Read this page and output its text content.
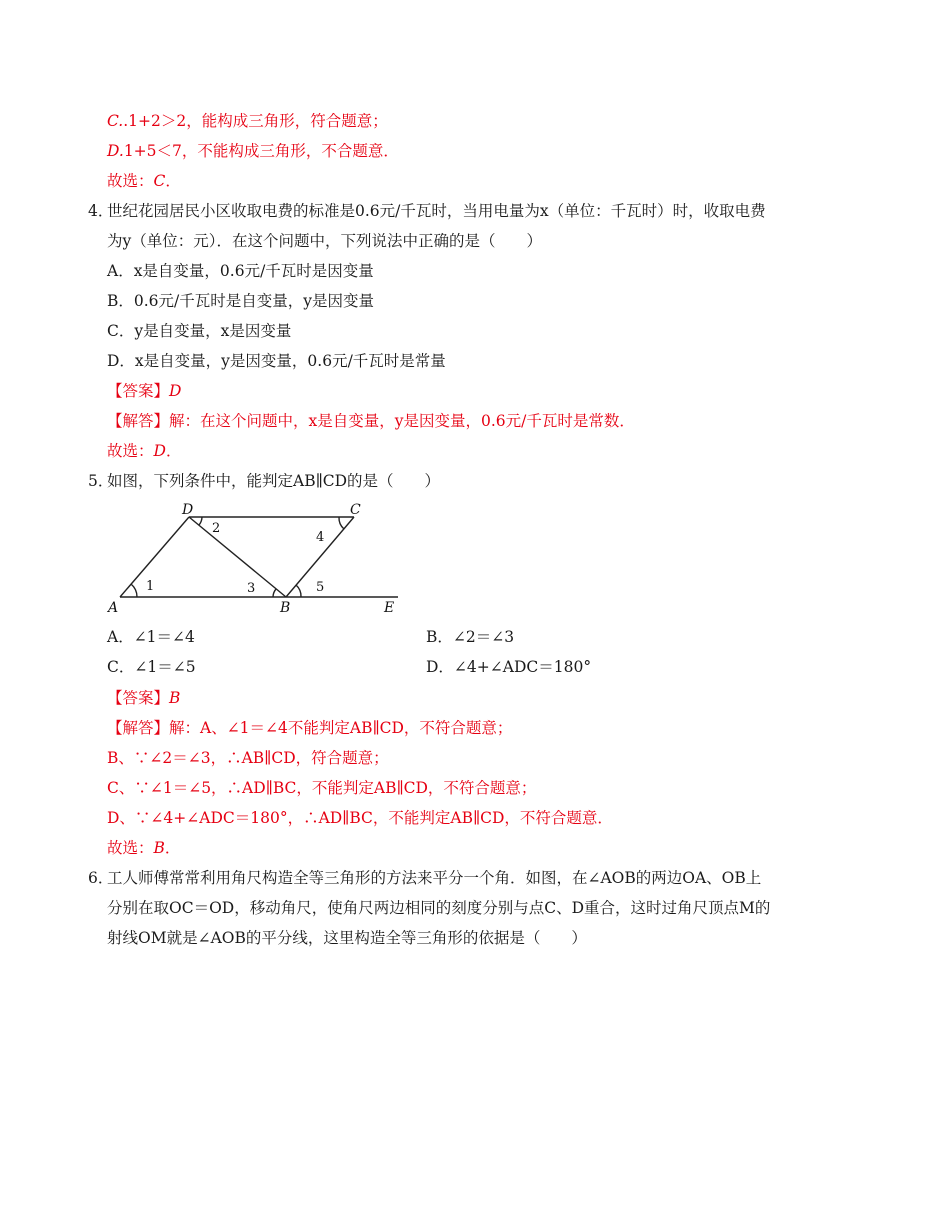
C..1+2＞2，能构成三角形，符合题意；
D.1+5＜7，不能构成三角形，不合题意．
故选：C．
4．
世纪花园居民小区收取电费的标准是0.6元/千瓦时，当用电量为x（单位：千瓦时）时，收取电费
为y（单位：元）．在这个问题中，下列说法中正确的是（　　）
A．x是自变量，0.6元/千瓦时是因变量
B．0.6元/千瓦时是自变量，y是因变量
C．y是自变量，x是因变量
D．x是自变量，y是因变量，0.6元/千瓦时是常量
【答案】D
【解答】解：在这个问题中，x是自变量，y是因变量，0.6元/千瓦时是常数．
故选：D．
5．
如图，下列条件中，能判定AB∥CD的是（　　）
D	C
A	B	E
1
2
3
4
5
A．∠1＝∠4	B．∠2＝∠3
C．∠1＝∠5	D．∠4+∠ADC＝180°
【答案】B
【解答】解：A、∠1＝∠4不能判定AB∥CD，不符合题意；
B、∵∠2＝∠3，∴AB∥CD，符合题意；
C、∵∠1＝∠5，∴AD∥BC，不能判定AB∥CD，不符合题意；
D、∵∠4+∠ADC＝180°，∴AD∥BC，不能判定AB∥CD，不符合题意．
故选：B．
6．
工人师傅常常利用角尺构造全等三角形的方法来平分一个角．如图，在∠AOB的两边OA、OB上
分别在取OC＝OD，移动角尺，使角尺两边相同的刻度分别与点C、D重合，这时过角尺顶点M的
射线OM就是∠AOB的平分线，这里构造全等三角形的依据是（　　）
